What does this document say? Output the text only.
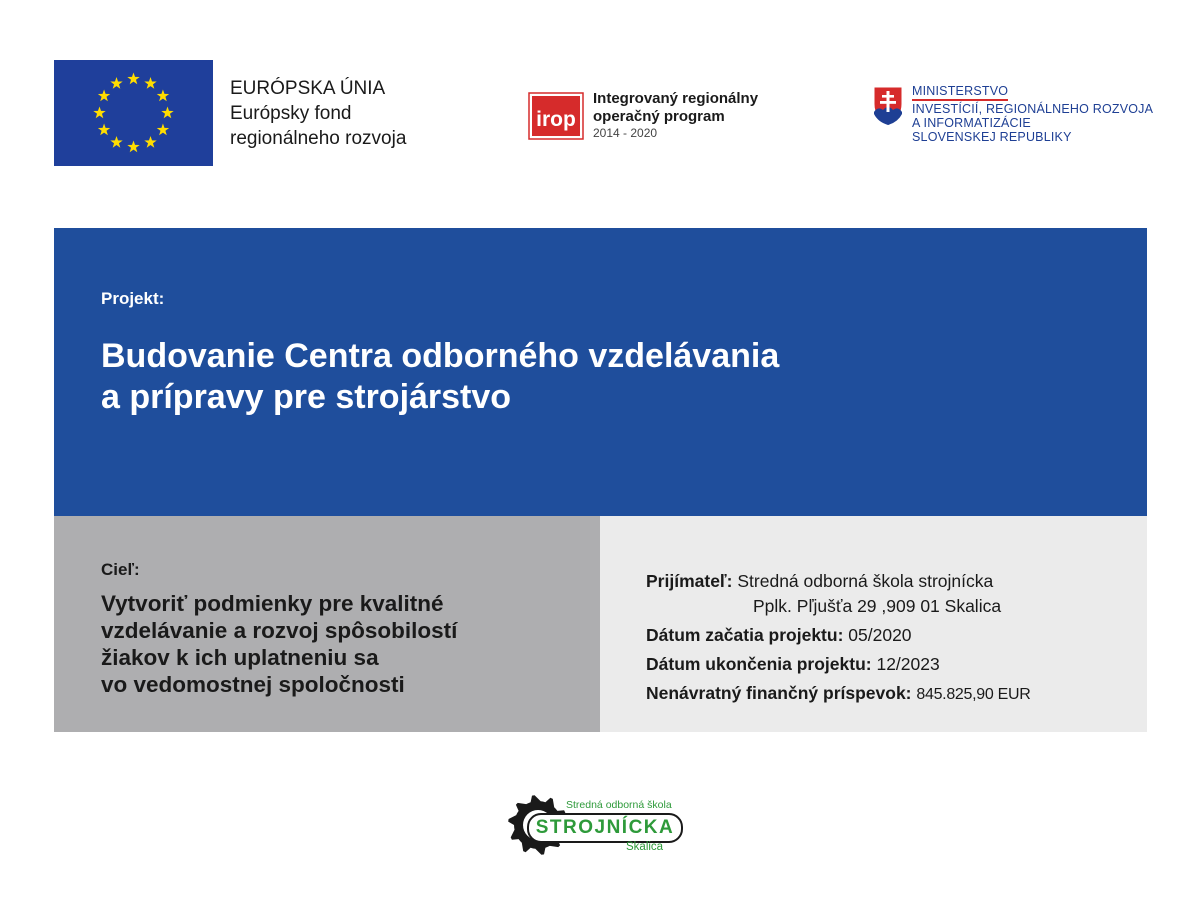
EURÓPSKA ÚNIA
Európsky fond
regionálneho rozvoja
irop
Integrovaný regionálny
operačný program
2014 - 2020
MINISTERSTVO
INVESTÍCIÍ, REGIONÁLNEHO ROZVOJA
A INFORMATIZÁCIE
SLOVENSKEJ REPUBLIKY
Projekt:
Budovanie Centra odborného vzdelávania
a prípravy pre strojárstvo
Cieľ:
Vytvoriť podmienky pre kvalitné
vzdelávanie a rozvoj spôsobilostí
žiakov k ich uplatneniu sa
vo vedomostnej spoločnosti
Prijímateľ: Stredná odborná škola strojnícka
Pplk. Pľjušťa 29 ,909 01 Skalica
Dátum začatia projektu: 05/2020
Dátum ukončenia projektu: 12/2023
Nenávratný finančný príspevok: 845.825,90 EUR
Stredná odborná škola
STROJNÍCKA
Skalica
